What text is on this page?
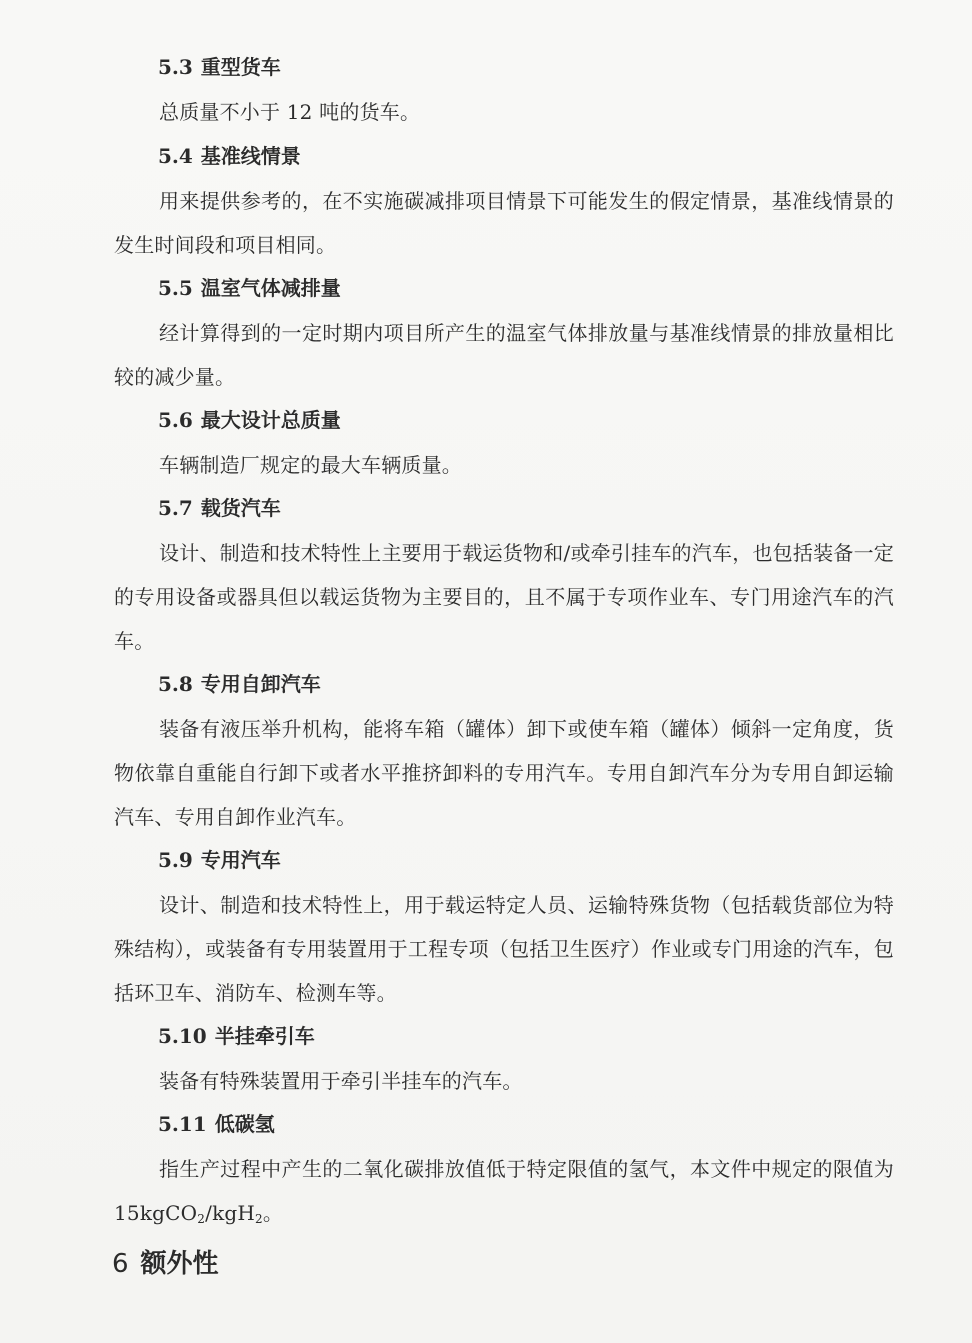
5.3 重型货车
总质量不小于 12 吨的货车。
5.4 基准线情景
用来提供参考的，在不实施碳减排项目情景下可能发生的假定情景，基准线情景的发生时间段和项目相同。
5.5 温室气体减排量
经计算得到的一定时期内项目所产生的温室气体排放量与基准线情景的排放量相比较的减少量。
5.6 最大设计总质量
车辆制造厂规定的最大车辆质量。
5.7 载货汽车
设计、制造和技术特性上主要用于载运货物和/或牵引挂车的汽车，也包括装备一定的专用设备或器具但以载运货物为主要目的，且不属于专项作业车、专门用途汽车的汽车。
5.8 专用自卸汽车
装备有液压举升机构，能将车箱（罐体）卸下或使车箱（罐体）倾斜一定角度，货物依靠自重能自行卸下或者水平推挤卸料的专用汽车。专用自卸汽车分为专用自卸运输汽车、专用自卸作业汽车。
5.9 专用汽车
设计、制造和技术特性上，用于载运特定人员、运输特殊货物（包括载货部位为特殊结构），或装备有专用装置用于工程专项（包括卫生医疗）作业或专门用途的汽车，包括环卫车、消防车、检测车等。
5.10 半挂牵引车
装备有特殊装置用于牵引半挂车的汽车。
5.11 低碳氢
指生产过程中产生的二氧化碳排放值低于特定限值的氢气，本文件中规定的限值为 15kgCO$_2$/kgH$_2$。
6 额外性
